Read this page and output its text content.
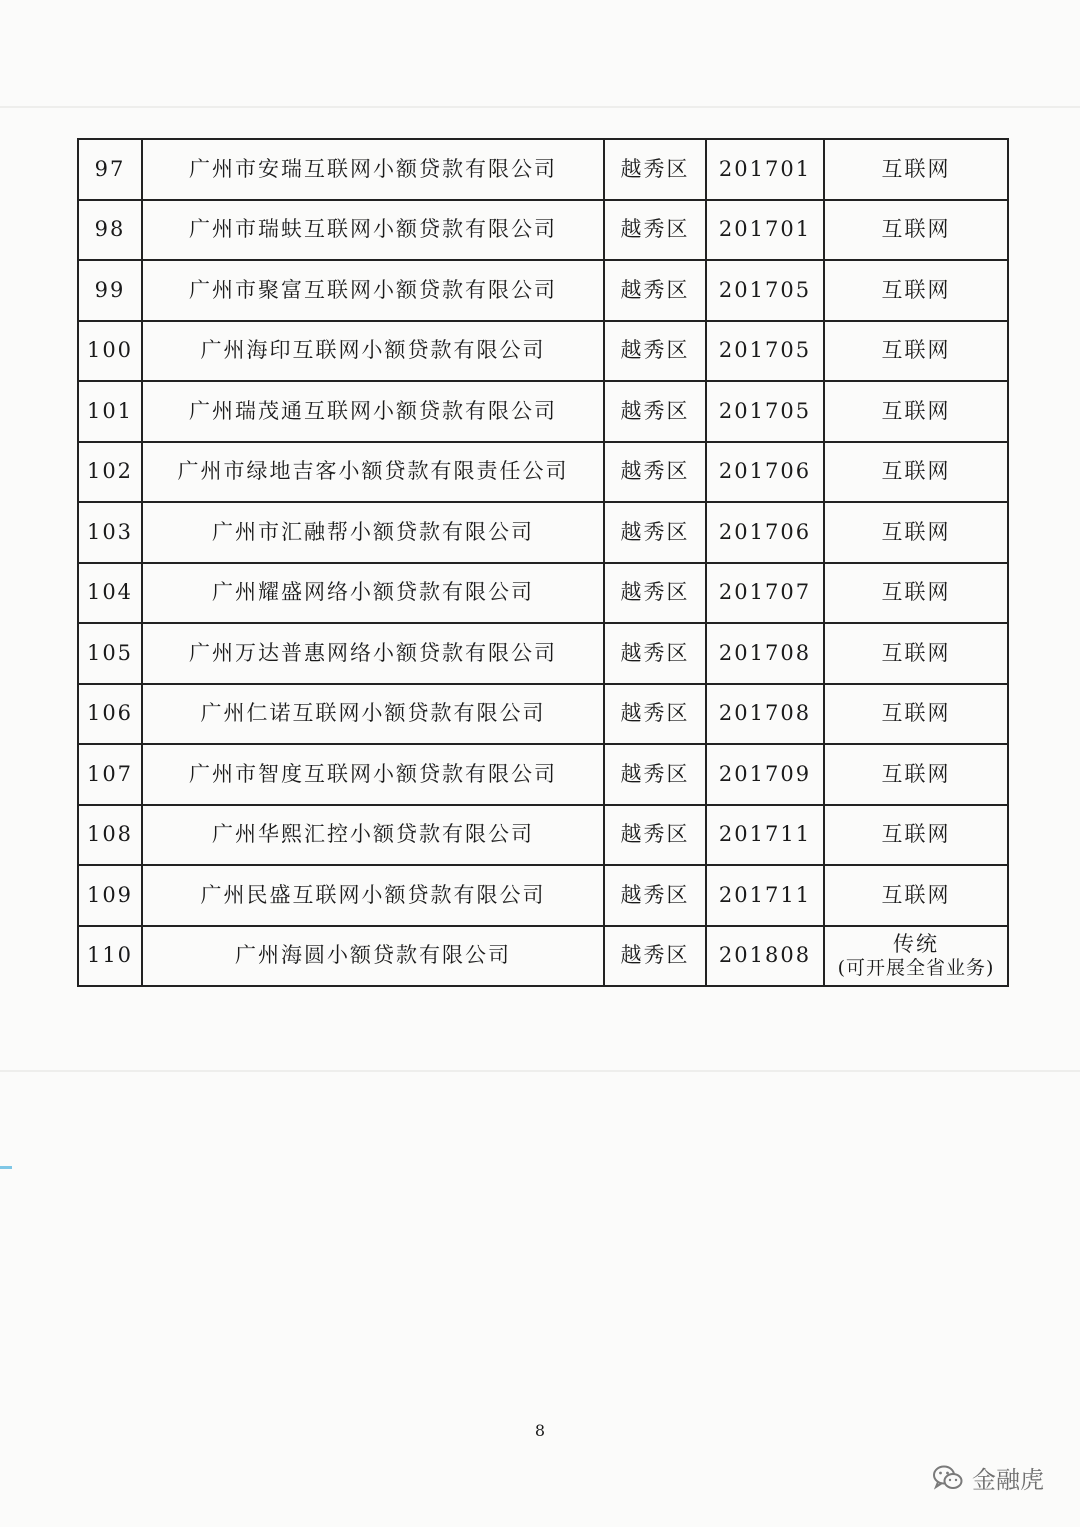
97	广州市安瑞互联网小额贷款有限公司	越秀区	201701	互联网
98	广州市瑞蚨互联网小额贷款有限公司	越秀区	201701	互联网
99	广州市聚富互联网小额贷款有限公司	越秀区	201705	互联网
100	广州海印互联网小额贷款有限公司	越秀区	201705	互联网
101	广州瑞茂通互联网小额贷款有限公司	越秀区	201705	互联网
102	广州市绿地吉客小额贷款有限责任公司	越秀区	201706	互联网
103	广州市汇融帮小额贷款有限公司	越秀区	201706	互联网
104	广州耀盛网络小额贷款有限公司	越秀区	201707	互联网
105	广州万达普惠网络小额贷款有限公司	越秀区	201708	互联网
106	广州仁诺互联网小额贷款有限公司	越秀区	201708	互联网
107	广州市智度互联网小额贷款有限公司	越秀区	201709	互联网
108	广州华熙汇控小额贷款有限公司	越秀区	201711	互联网
109	广州民盛互联网小额贷款有限公司	越秀区	201711	互联网
110	广州海圆小额贷款有限公司	越秀区	201808	传统
(可开展全省业务)
8
金融虎
